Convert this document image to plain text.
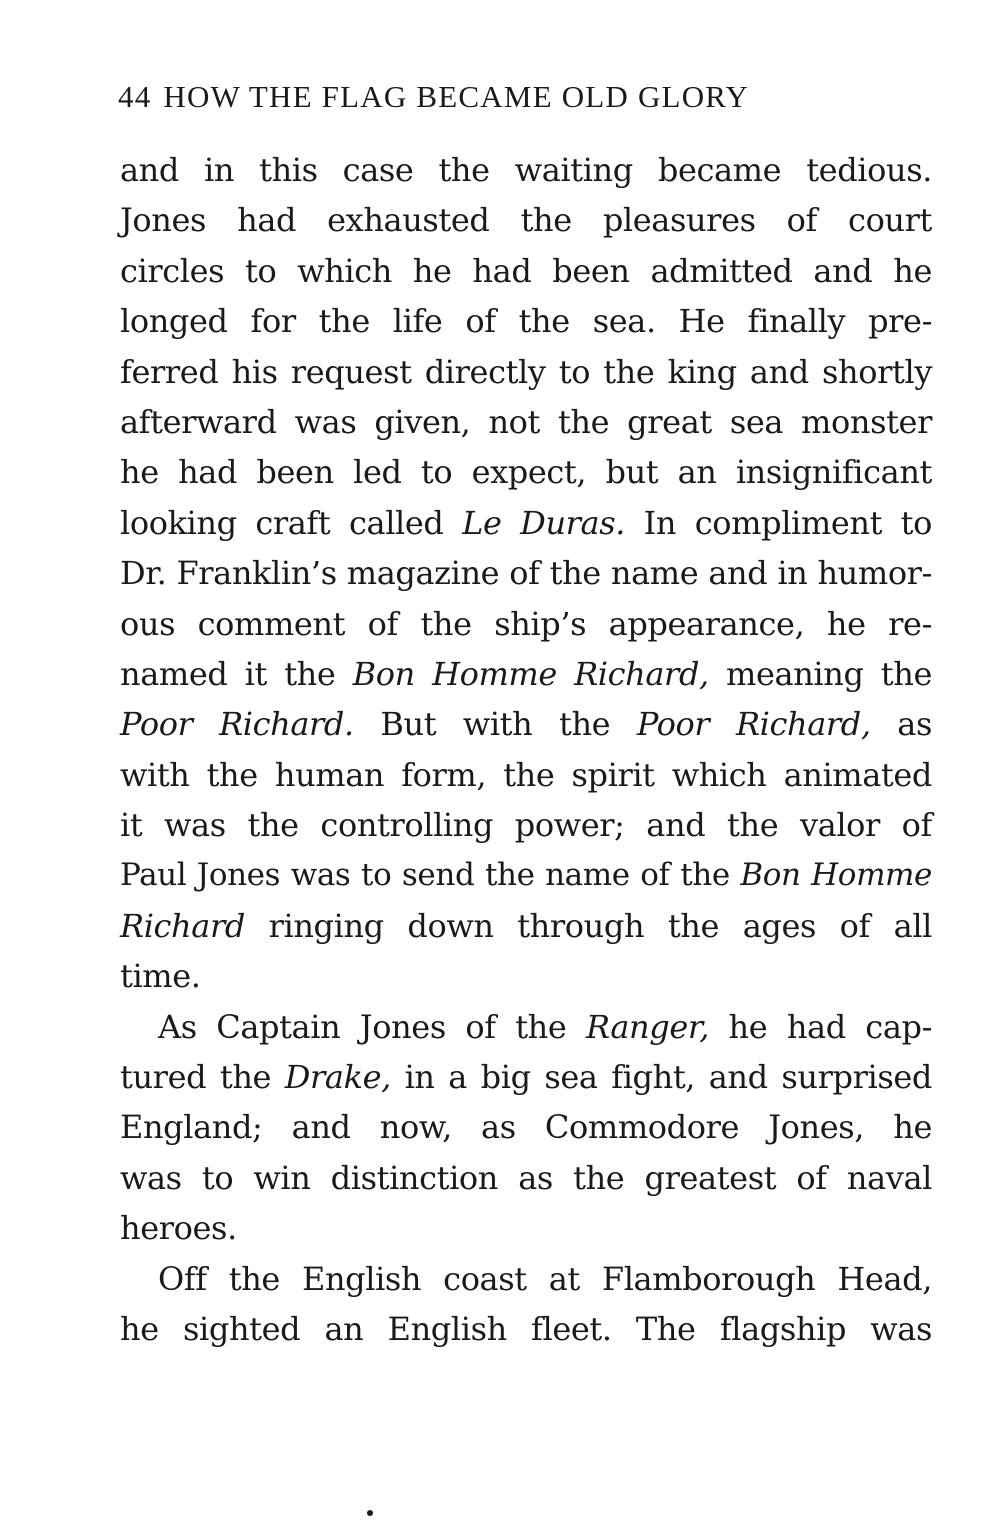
44 HOW THE FLAG BECAME OLD GLORY
and in this case the waiting became tedious.
Jones had exhausted the pleasures of court
circles to which he had been admitted and he
longed for the life of the sea. He finally pre-
ferred his request directly to the king and shortly
afterward was given, not the great sea monster
he had been led to expect, but an insignificant
looking craft called Le Duras. In compliment to
Dr. Franklin’s magazine of the name and in humor-
ous comment of the ship’s appearance, he re-
named it the Bon Homme Richard, meaning the
Poor Richard. But with the Poor Richard, as
with the human form, the spirit which animated
it was the controlling power; and the valor of
Paul Jones was to send the name of the Bon Homme
Richard ringing down through the ages of all
time.
As Captain Jones of the Ranger, he had cap-
tured the Drake, in a big sea fight, and surprised
England; and now, as Commodore Jones, he
was to win distinction as the greatest of naval
heroes.
Off the English coast at Flamborough Head,
he sighted an English fleet. The flagship was
